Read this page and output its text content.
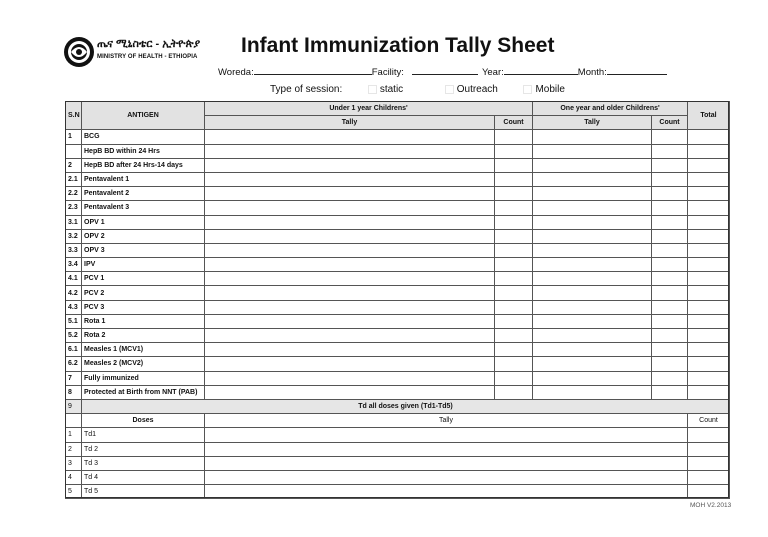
ጤና ሚኒስቴር - ኢትዮጵያ
MINISTRY OF HEALTH - ETHIOPIA Infant Immunization Tally Sheet
Woreda:	Facility:	Year:	Month:
Type of session:	static	Outreach	Mobile
S.N	ANTIGEN	Under 1 year Childrens'		One year and older Childrens'		Total
		Tally	Count	Tally	Count	
1	BCG					
	HepB BD within 24 Hrs					
2	HepB BD after 24 Hrs-14 days					
2.1	Pentavalent 1					
2.2	Pentavalent 2					
2.3	Pentavalent 3					
3.1	OPV 1					
3.2	OPV 2					
3.3	OPV 3					
3.4	IPV					
4.1	PCV 1					
4.2	PCV 2					
4.3	PCV 3					
5.1	Rota 1					
5.2	Rota 2					
6.1	Measles 1 (MCV1)					
6.2	Measles 2 (MCV2)					
7	Fully immunized					
8	Protected at Birth from NNT (PAB)					
9	Td all doses given (Td1-Td5)					
	Doses	Tally				Count
1	Td1					
2	Td 2					
3	Td 3					
4	Td 4					
5	Td 5					
MOH V2.2013
